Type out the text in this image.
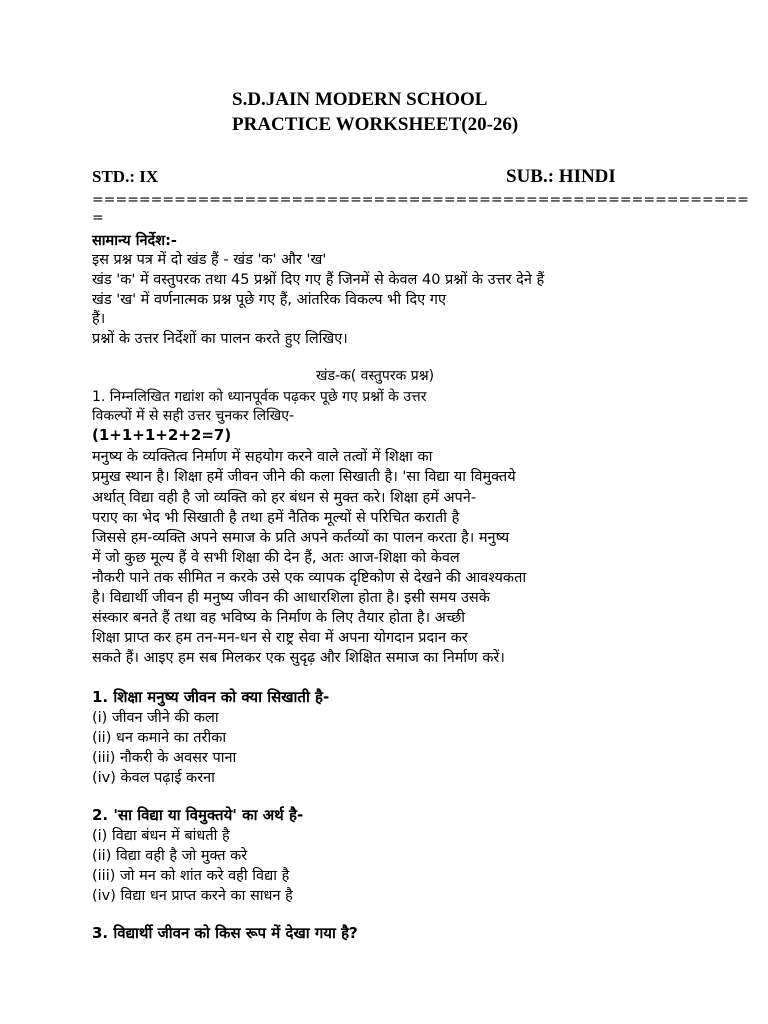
S.D.JAIN MODERN SCHOOL
PRACTICE WORKSHEET(20-26)
STD.: IX	SUB.: HINDI
========================================================
=
सामान्य निर्देश:-
इस प्रश्न पत्र में दो खंड हैं - खंड 'क' और 'ख'
खंड 'क' में वस्तुपरक तथा‍ 45 प्रश्नों दिए‍ गए हैं जिनमें से केवल 40 प्रश्नों के उत्तर देने हैं
खंड 'ख' में वर्णनात्मक प्रश्न पूछे गए हैं, आंतरिक विकल्प भी दिए गए
हैं।
प्रश्नों के उत्तर निर्देशों का पालन करते हुए लिखिए।
खंड-क( वस्तुपरक प्रश्न)
1. निम्नलिखित गद्यांश को ध्यानपूर्वक पढ़कर पूछे गए प्रश्नों के उत्तर
विकल्पों में से सही उत्तर चुनकर लिखिए-
(1+1+1+2+2=7)
मनुष्य के व्यक्तित्व निर्माण में सहयोग करने वाले तत्वों में शिक्षा का
प्रमुख स्थान है। शिक्षा हमें जीवन जीने की कला सिखाती है। 'सा विद्या या विमुक्तये
अर्थात् विद्या वही है जो व्यक्ति को हर बंधन से मुक्त करे। शिक्षा हमें अपने-
पराए का भेद भी सिखाती है तथा हमें नैतिक मूल्यों से परिचित कराती है
जिससे हम-व्यक्ति अपने समाज के प्रति अपने कर्तव्यों का पालन करता है। मनुष्य
में जो कुछ मूल्य हैं वे सभी शिक्षा की देन हैं, अतः आज-शिक्षा को केवल
नौकरी पाने तक सीमित न करके उसे एक व्यापक दृष्टिकोण से देखने की आवश्यकता
है। विद्यार्थी जीवन ही मनुष्य जीवन की आधारशिला होता है। इसी समय उसके
संस्कार बनते हैं तथा वह भविष्य के निर्माण के लिए तैयार होता है। अच्छी
शिक्षा प्राप्त कर हम तन-मन-धन से राष्ट्र सेवा में अपना योगदान प्रदान कर
सकते हैं। आइए हम सब मिलकर एक सुदृढ़ और शिक्षित समाज का निर्माण करें।
1. शिक्षा मनुष्य जीवन को क्या सिखाती है-
(i) जीवन जीने की कला
(ii) धन कमाने का तरीका
(iii) नौकरी के अवसर पाना
(iv) केवल पढ़ाई करना
2. 'सा विद्या या विमुक्तये' का अर्थ है-
(i) विद्या बंधन में बांधती है
(ii) विद्या वही है जो मुक्त करे
(iii) जो मन को शांत करे वही विद्या है
(iv) विद्या धन प्राप्त करने का साधन है
3. विद्यार्थी जीवन को किस रूप में देखा गया है?
